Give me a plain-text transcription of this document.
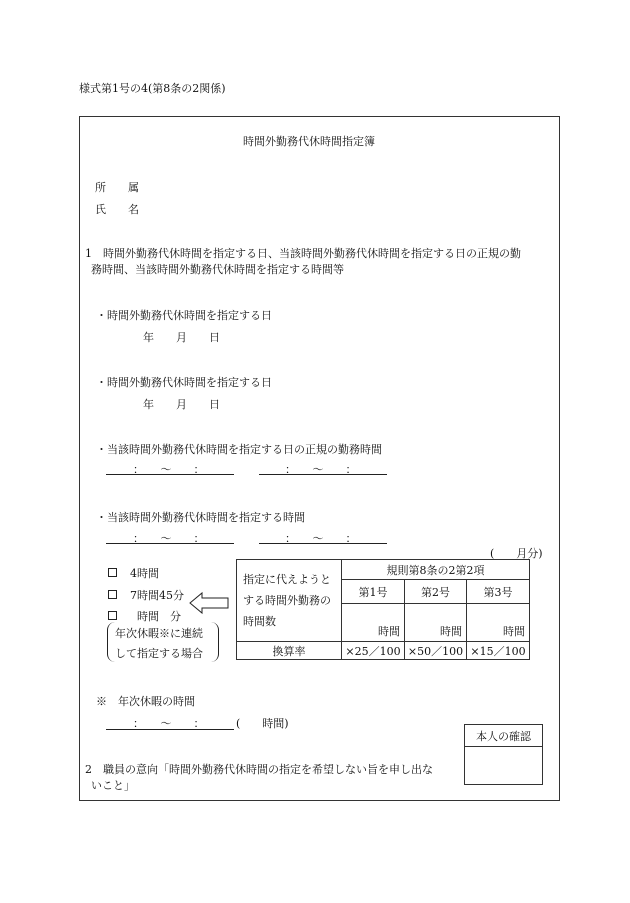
様式第1号の4(第8条の2関係)
時間外勤務代休時間指定簿
所　　属
氏　　名
1　時間外勤務代休時間を指定する日、当該時間外勤務代休時間を指定する日の正規の勤
務時間、当該時間外勤務代休時間を指定する時間等
・時間外勤務代休時間を指定する日
年　　月　　日
・時間外勤務代休時間を指定する日
年　　月　　日
・当該時間外勤務代休時間を指定する日の正規の勤務時間
：　　〜　　：	：　　〜　　：
・当該時間外勤務代休時間を指定する時間
：　　〜　　：	：　　〜　　：
(　　月分)
4時間
7時間45分
時間　分
年次休暇※に連続
して指定する場合
指定に代えようと
する時間外勤務の
時間数	規則第8条の2第2項		
	第1号	第2号	第3号
	時間	時間	時間
換算率	×25／100	×50／100	×15／100
※　年次休暇の時間
：　　〜　　：	(　　時間)
本人の確認

2　職員の意向「時間外勤務代休時間の指定を希望しない旨を申し出な
いこと」
